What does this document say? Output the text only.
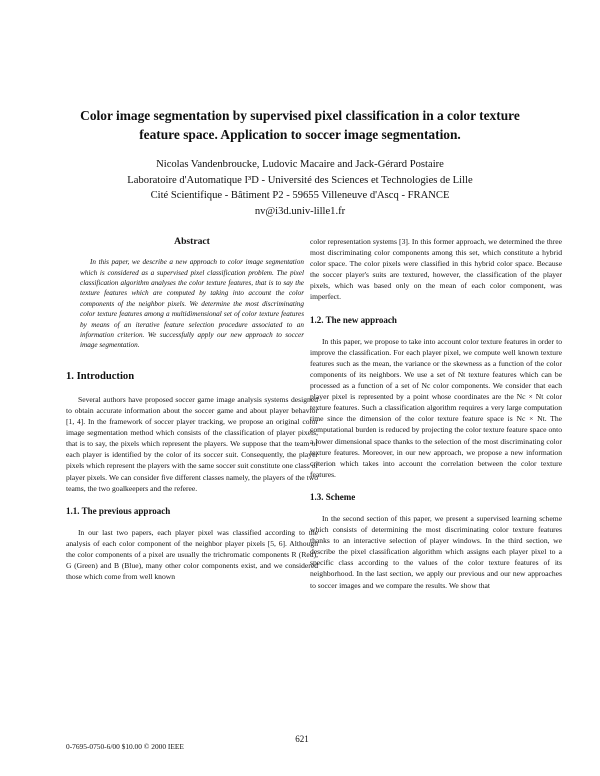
Color image segmentation by supervised pixel classification in a color texture feature space. Application to soccer image segmentation.
Nicolas Vandenbroucke, Ludovic Macaire and Jack-Gérard Postaire
Laboratoire d'Automatique I³D - Université des Sciences et Technologies de Lille
Cité Scientifique - Bâtiment P2 - 59655 Villeneuve d'Ascq - FRANCE
nv@i3d.univ-lille1.fr
Abstract
In this paper, we describe a new approach to color image segmentation which is considered as a supervised pixel classification problem. The pixel classification algorithm analyses the color texture features, that is to say the texture features which are computed by taking into account the color components of the neighbor pixels. We determine the most discriminating color texture features among a multidimensional set of color texture features by means of an iterative feature selection procedure associated to an information criterion. We successfully apply our new approach to soccer image segmentation.
1. Introduction

Several authors have proposed soccer game image analysis systems designed to obtain accurate information about the soccer game and about player behavior [1, 4]. In the framework of soccer player tracking, we propose an original color image segmentation method which consists of the classification of player pixels, that is to say, the pixels which represent the players. We suppose that the team of each player is identified by the color of its soccer suit. Consequently, the player pixels which represent the players with the same soccer suit constitute one class of player pixels. We can consider five different classes namely, the players of the two teams, the two goalkeepers and the referee.

1.1. The previous approach

In our last two papers, each player pixel was classified according to the analysis of each color component of the neighbor player pixels [5, 6]. Although the color components of a pixel are usually the trichromatic components R (Red), G (Green) and B (Blue), many other color components exist, and we considered those which come from well known

color representation systems [3]. In this former approach, we determined the three most discriminating color components among this set, which constitute a hybrid color space. The color pixels were classified in this hybrid color space. Because the soccer player's suits are textured, however, the classification of the player pixels, which was based only on the mean of each color component, was imperfect.

1.2. The new approach

In this paper, we propose to take into account color texture features in order to improve the classification. For each player pixel, we compute well known texture features such as the mean, the variance or the skewness as a function of the color components of its neighbors. We use a set of Nt texture features which can be processed as a function of a set of Nc color components. We consider that each player pixel is represented by a point whose coordinates are the Nc × Nt color texture features. Such a classification algorithm requires a very large computation time since the dimension of the color texture feature space is Nc × Nt. The computational burden is reduced by projecting the color texture feature space onto a lower dimensional space thanks to the selection of the most discriminating color texture features. Moreover, in our new approach, we propose a new information criterion which takes into account the correlation between the color texture features.

1.3. Scheme

In the second section of this paper, we present a supervised learning scheme which consists of determining the most discriminating color texture features thanks to an interactive selection of player windows. In the third section, we describe the pixel classification algorithm which assigns each player pixel to a specific class according to the values of the color texture features of its neighborhood. In the last section, we apply our previous and our new approaches to soccer images and we compare the results. We show that

621
0-7695-0750-6/00 $10.00 © 2000 IEEE
